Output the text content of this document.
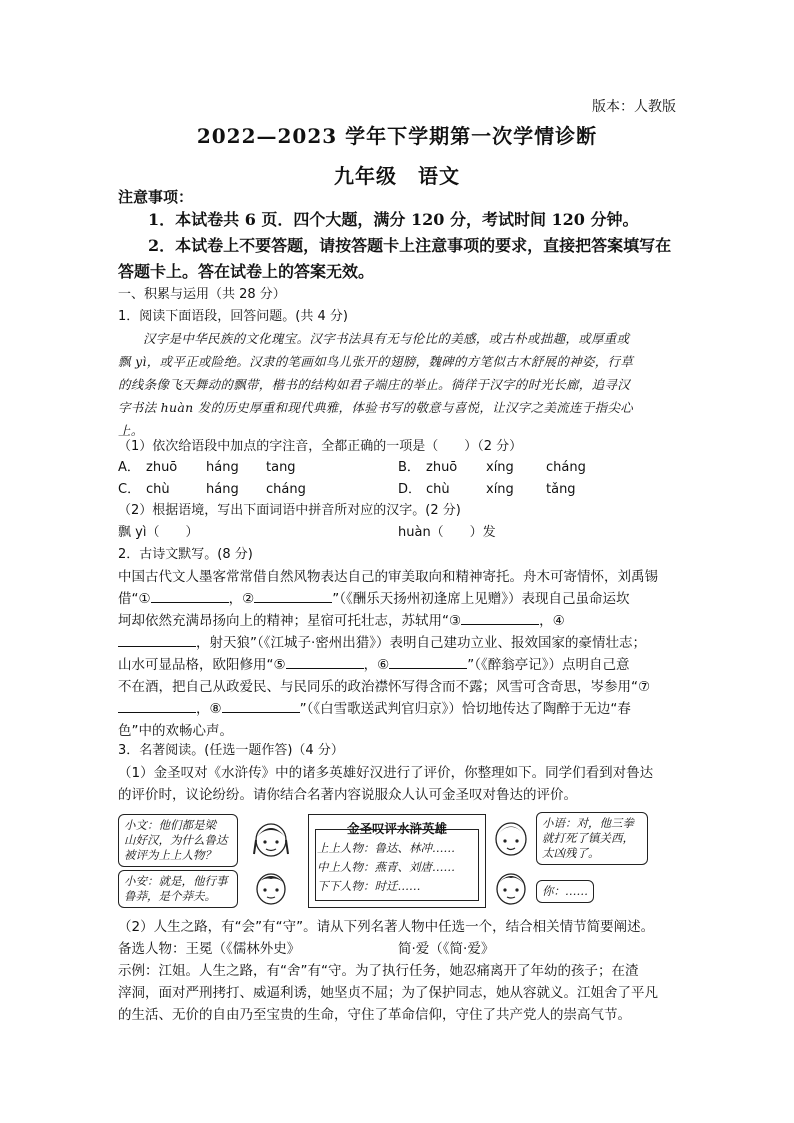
版本：人教版
2022—2023 学年下学期第一次学情诊断
九年级　语文
注意事项：
1．本试卷共 6 页．四个大题，满分 120 分，考试时间 120 分钟。
2．本试卷上不要答题，请按答题卡上注意事项的要求，直接把答案填写在
答题卡上。答在试卷上的答案无效。
一、积累与运用（共 28 分）
1．阅读下面语段，回答问题。(共 4 分)
汉字是中华民族的文化瑰宝。汉字书法具有无与伦比的美感，或古朴或拙趣，或厚重或
飘 yì，或平正或险绝。汉隶的笔画如鸟儿张开的翅膀，魏碑的方笔似古木舒展的神姿，行草
的线条像飞天舞动的飘带，楷书的结构如君子端庄的举止。徜徉于汉字的时光长廊，追寻汉
字书法 huàn 发的历史厚重和现代典雅，体验书写的敬意与喜悦，让汉字之美流连于指尖心
上。
（1）依次给语段中加点的字注音，全都正确的一项是（　　）（2 分）
A． zhuō háng tang	B． zhuō xíng cháng
C． chù	háng cháng	D． chù	xíng tǎng
（2）根据语境，写出下面词语中拼音所对应的汉字。(2 分)
飘 yì（　　）	huàn（　　）发
2．古诗文默写。(8 分)
中国古代文人墨客常常借自然风物表达自己的审美取向和精神寄托。舟木可寄情怀，刘禹锡
借“①	，②	”（《酬乐天扬州初逢席上见赠》）表现自己虽命运坎
坷却依然充满昂扬向上的精神；星宿可托壮志，苏轼用“③	，④
，射天狼”（《江城子·密州出猎》）表明自己建功立业、报效国家的豪情壮志；
山水可显品格，欧阳修用“⑤	，⑥	”（《醉翁亭记》）点明自己意
不在酒，把自己从政爱民、与民同乐的政治襟怀写得含而不露；风雪可含奇思，岑参用“⑦
，⑧	”（《白雪歌送武判官归京》）恰切地传达了陶醉于无边“春
色”中的欢畅心声。
3．名著阅读。(任选一题作答)（4 分）
（1）金圣叹对《水浒传》中的诸多英雄好汉进行了评价，你整理如下。同学们看到对鲁达
的评价时，议论纷纷。请你结合名著内容说服众人认可金圣叹对鲁达的评价。
小文：他们都是梁
山好汉，为什么鲁达
被评为上上人物？
小安：就是，他行事
鲁莽，是个莽夫。
金圣叹评水浒英雄
上上人物：鲁达、林冲……
中上人物：燕青、刘唐……
下下人物：时迁……
小语：对，他三拳
就打死了镇关西，
太凶残了。
你：……
（2）人生之路，有“会”有“守”。请从下列名著人物中任选一个，结合相关情节简要阐述。
备选人物：王冕（《儒林外史》	简·爱（《简·爱》
示例：江姐。人生之路，有“舍”有“守。为了执行任务，她忍痛离开了年幼的孩子；在渣
滓洞，面对严刑拷打、威逼利诱，她坚贞不屈；为了保护同志，她从容就义。江姐舍了平凡
的生活、无价的自由乃至宝贵的生命，守住了革命信仰，守住了共产党人的崇高气节。
